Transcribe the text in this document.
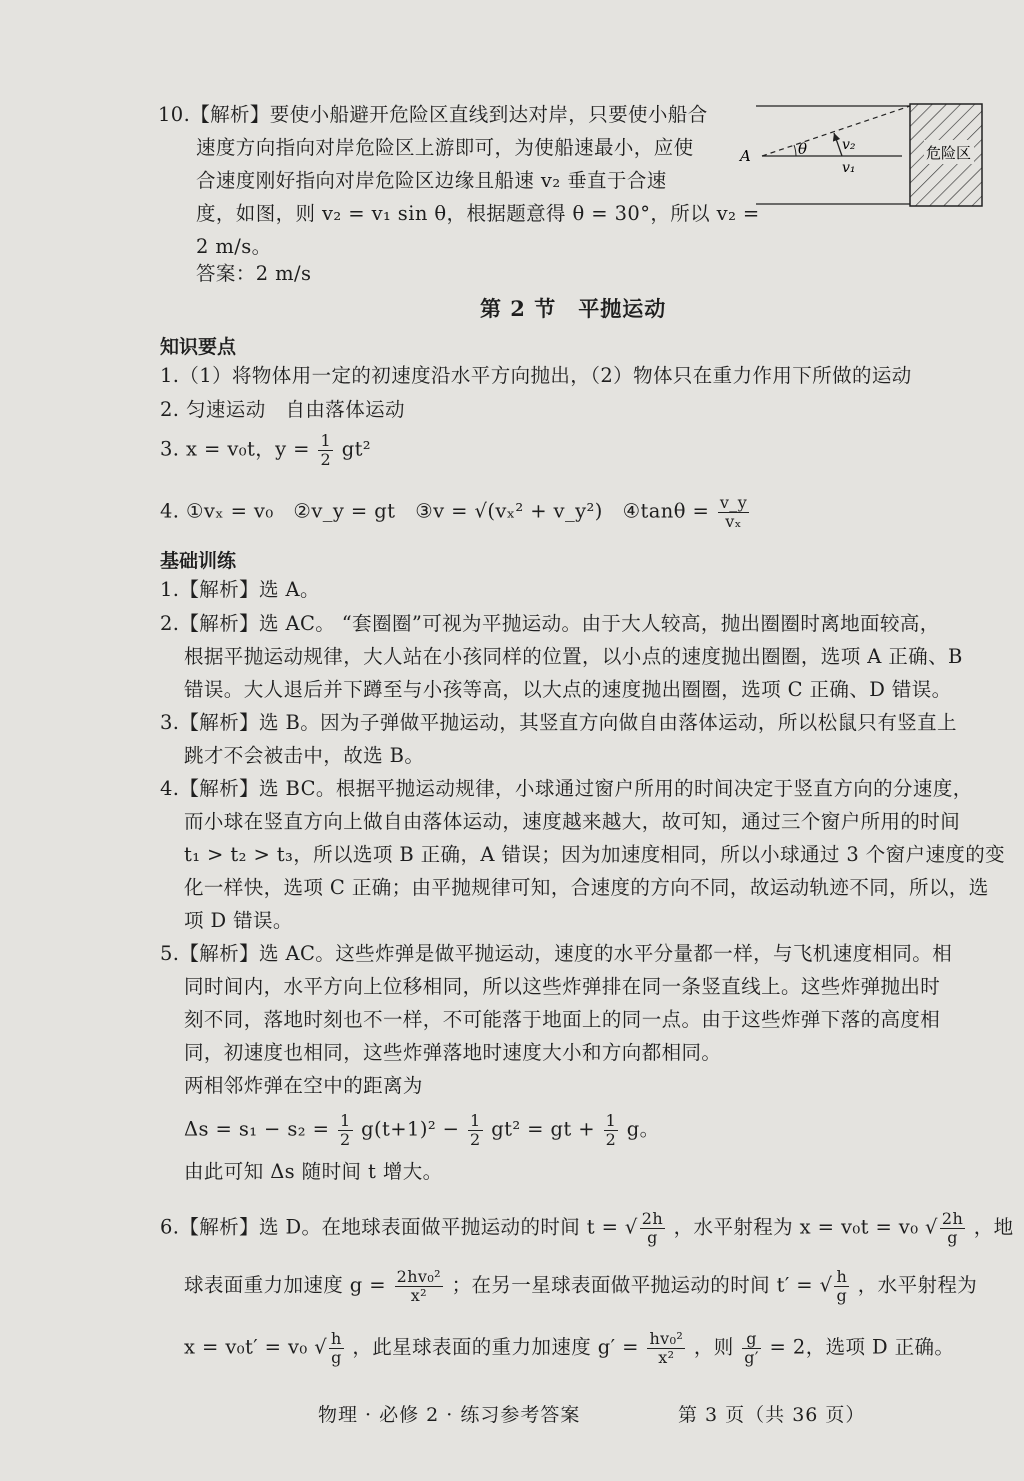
10.【解析】要使小船避开危险区直线到达对岸，只要使小船合
速度方向指向对岸危险区上游即可，为使船速最小，应使
合速度刚好指向对岸危险区边缘且船速 v₂ 垂直于合速
度，如图，则 v₂ = v₁ sin θ，根据题意得 θ = 30°，所以 v₂ =
2 m/s。
答案：2 m/s
危险区
A	θ v₂
v₁
第 2 节　平抛运动
知识要点
1.（1）将物体用一定的初速度沿水平方向抛出，（2）物体只在重力作用下所做的运动
2. 匀速运动　自由落体运动
3. x = v₀t，$y = \frac{1}{2} gt^2$
4. ①vₓ = v₀　②v_y = gt　③v = √(vₓ² + v_y²)　④tanθ = $\frac{v\_y}{\text{vₓ}}$
基础训练
1.【解析】选 A。
2.【解析】选 AC。 “套圈圈”可视为平抛运动。由于大人较高，抛出圈圈时离地面较高，
根据平抛运动规律，大人站在小孩同样的位置，以小点的速度抛出圈圈，选项 A 正确、B
错误。大人退后并下蹲至与小孩等高，以大点的速度抛出圈圈，选项 C 正确、D 错误。
3.【解析】选 B。因为子弹做平抛运动，其竖直方向做自由落体运动，所以松鼠只有竖直上
跳才不会被击中，故选 B。
4.【解析】选 BC。根据平抛运动规律，小球通过窗户所用的时间决定于竖直方向的分速度，
而小球在竖直方向上做自由落体运动，速度越来越大，故可知，通过三个窗户所用的时间
t₁ > t₂ > t₃，所以选项 B 正确，A 错误；因为加速度相同，所以小球通过 3 个窗户速度的变
化一样快，选项 C 正确；由平抛规律可知，合速度的方向不同，故运动轨迹不同，所以，选
项 D 错误。
5.【解析】选 AC。这些炸弹是做平抛运动，速度的水平分量都一样，与飞机速度相同。相
同时间内，水平方向上位移相同，所以这些炸弹排在同一条竖直线上。这些炸弹抛出时
刻不同，落地时刻也不一样，不可能落于地面上的同一点。由于这些炸弹下落的高度相
同，初速度也相同，这些炸弹落地时速度大小和方向都相同。
两相邻炸弹在空中的距离为
$\Delta s = s_1 - s_2 = \frac{1}{2} g(t+1)^2 - \frac{1}{2} gt^2$ = gt + $\frac{1}{2}$ g。
由此可知 Δs 随时间 t 增大。
6.【解析】选 D。在地球表面做平抛运动的时间 t = √ $\frac{2h}{g}$ ，水平射程为 x = v₀t = v₀ √ $\frac{2h}{g}$ ，地
球表面重力加速度 $g = \frac{\text{2hv₀²}}{\text{x²}}$ ；在另一星球表面做平抛运动的时间 t′ = √ $\frac{h}{g}$ ，水平射程为
x = v₀t′ = v₀ √ $\frac{h}{g}$ ，此星球表面的重力加速度 $g' = \frac{\text{hv₀²}}{\text{x²}}$ ，则 $\frac{g}{g'} = 2$，选项 D 正确。
物理 · 必修 2 · 练习参考答案	第 3 页（共 36 页）
